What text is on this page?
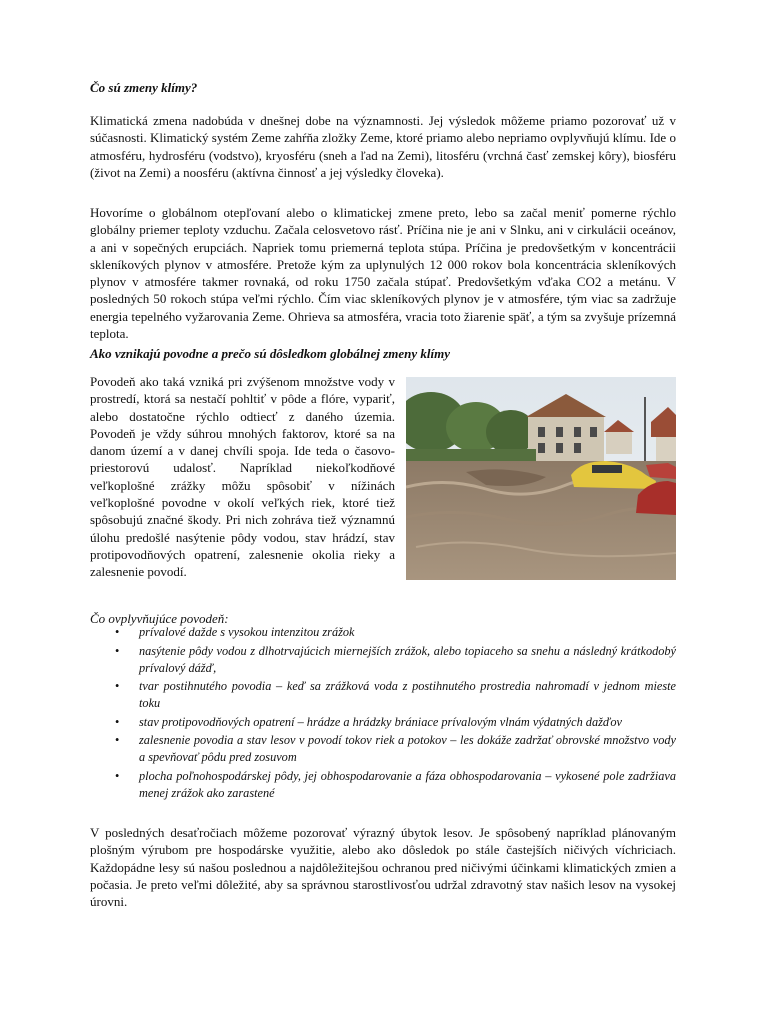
Čo sú zmeny klímy?

Klimatická zmena nadobúda v dnešnej dobe na významnosti. Jej výsledok môžeme priamo pozorovať už v súčasnosti. Klimatický systém Zeme zahŕňa zložky Zeme, ktoré priamo alebo nepriamo ovplyvňujú klímu. Ide o atmosféru, hydrosféru (vodstvo), kryosféru (sneh a ľad na Zemi), litosféru (vrchná časť zemskej kôry), biosféru (život na Zemi) a noosféru (aktívna činnosť a jej výsledky človeka).

Hovoríme o globálnom otepľovaní alebo o klimatickej zmene preto, lebo sa začal meniť pomerne rýchlo globálny priemer teploty vzduchu. Začala celosvetovo rásť. Príčina nie je ani v Slnku, ani v cirkulácii oceánov, a ani v sopečných erupciách. Napriek tomu priemerná teplota stúpa. Príčina je predovšetkým v koncentrácii skleníkových plynov v atmosfére. Pretože kým za uplynulých 12 000 rokov bola koncentrácia skleníkových plynov v atmosfére takmer rovnaká, od roku 1750 začala stúpať. Predovšetkým vďaka CO2 a metánu. V posledných 50 rokoch stúpa veľmi rýchlo. Čím viac skleníkových plynov je v atmosfére, tým viac sa zadržuje energia tepelného vyžarovania Zeme. Ohrieva sa atmosféra, vracia toto žiarenie späť, a tým sa zvyšuje prízemná teplota.

Ako vznikajú povodne a prečo sú dôsledkom globálnej zmeny klímy

Povodeň ako taká vzniká pri zvýšenom množstve vody v prostredí, ktorá sa nestačí pohltiť v pôde a flóre, vypariť, alebo dostatočne rýchlo odtiecť z daného územia. Povodeň je vždy súhrou mnohých faktorov, ktoré sa na danom území a v danej chvíli spoja. Ide teda o časovo-priestorovú udalosť. Napríklad niekoľkodňové veľkoplošné zrážky môžu spôsobiť v nížinách veľkoplošné povodne v okolí veľkých riek, ktoré tiež spôsobujú značné škody. Pri nich zohráva tiež významnú úlohu predošlé nasýtenie pôdy vodou, stav hrádzí, stav protipovodňových opatrení, zalesnenie okolia rieky a zalesnenie povodí.

Čo ovplyvňujúce povodeň:

• prívalové dažde s vysokou intenzitou zrážok
• nasýtenie pôdy vodou z dlhotrvajúcich miernejších zrážok, alebo topiaceho sa snehu a následný krátkodobý prívalový dážď,
• tvar postihnutého povodia – keď sa zrážková voda z postihnutého prostredia nahromadí v jednom mieste toku
• stav protipovodňových opatrení – hrádze a hrádzky brániace prívalovým vlnám výdatných dažďov
• zalesnenie povodia a stav lesov v povodí tokov riek a potokov – les dokáže zadržať obrovské množstvo vody a spevňovať pôdu pred zosuvom
• plocha poľnohospodárskej pôdy, jej obhospodarovanie a fáza obhospodarovania – vykosené pole zadržiava menej zrážok ako zarastené

V posledných desaťročiach môžeme pozorovať výrazný úbytok lesov. Je spôsobený napríklad plánovaným plošným výrubom pre hospodárske využitie, alebo ako dôsledok po stále častejších ničivých víchriciach. Každopádne lesy sú našou poslednou a najdôležitejšou ochranou pred ničivými účinkami klimatických zmien a počasia. Je preto veľmi dôležité, aby sa správnou starostlivosťou udržal zdravotný stav našich lesov na vysokej úrovni.
